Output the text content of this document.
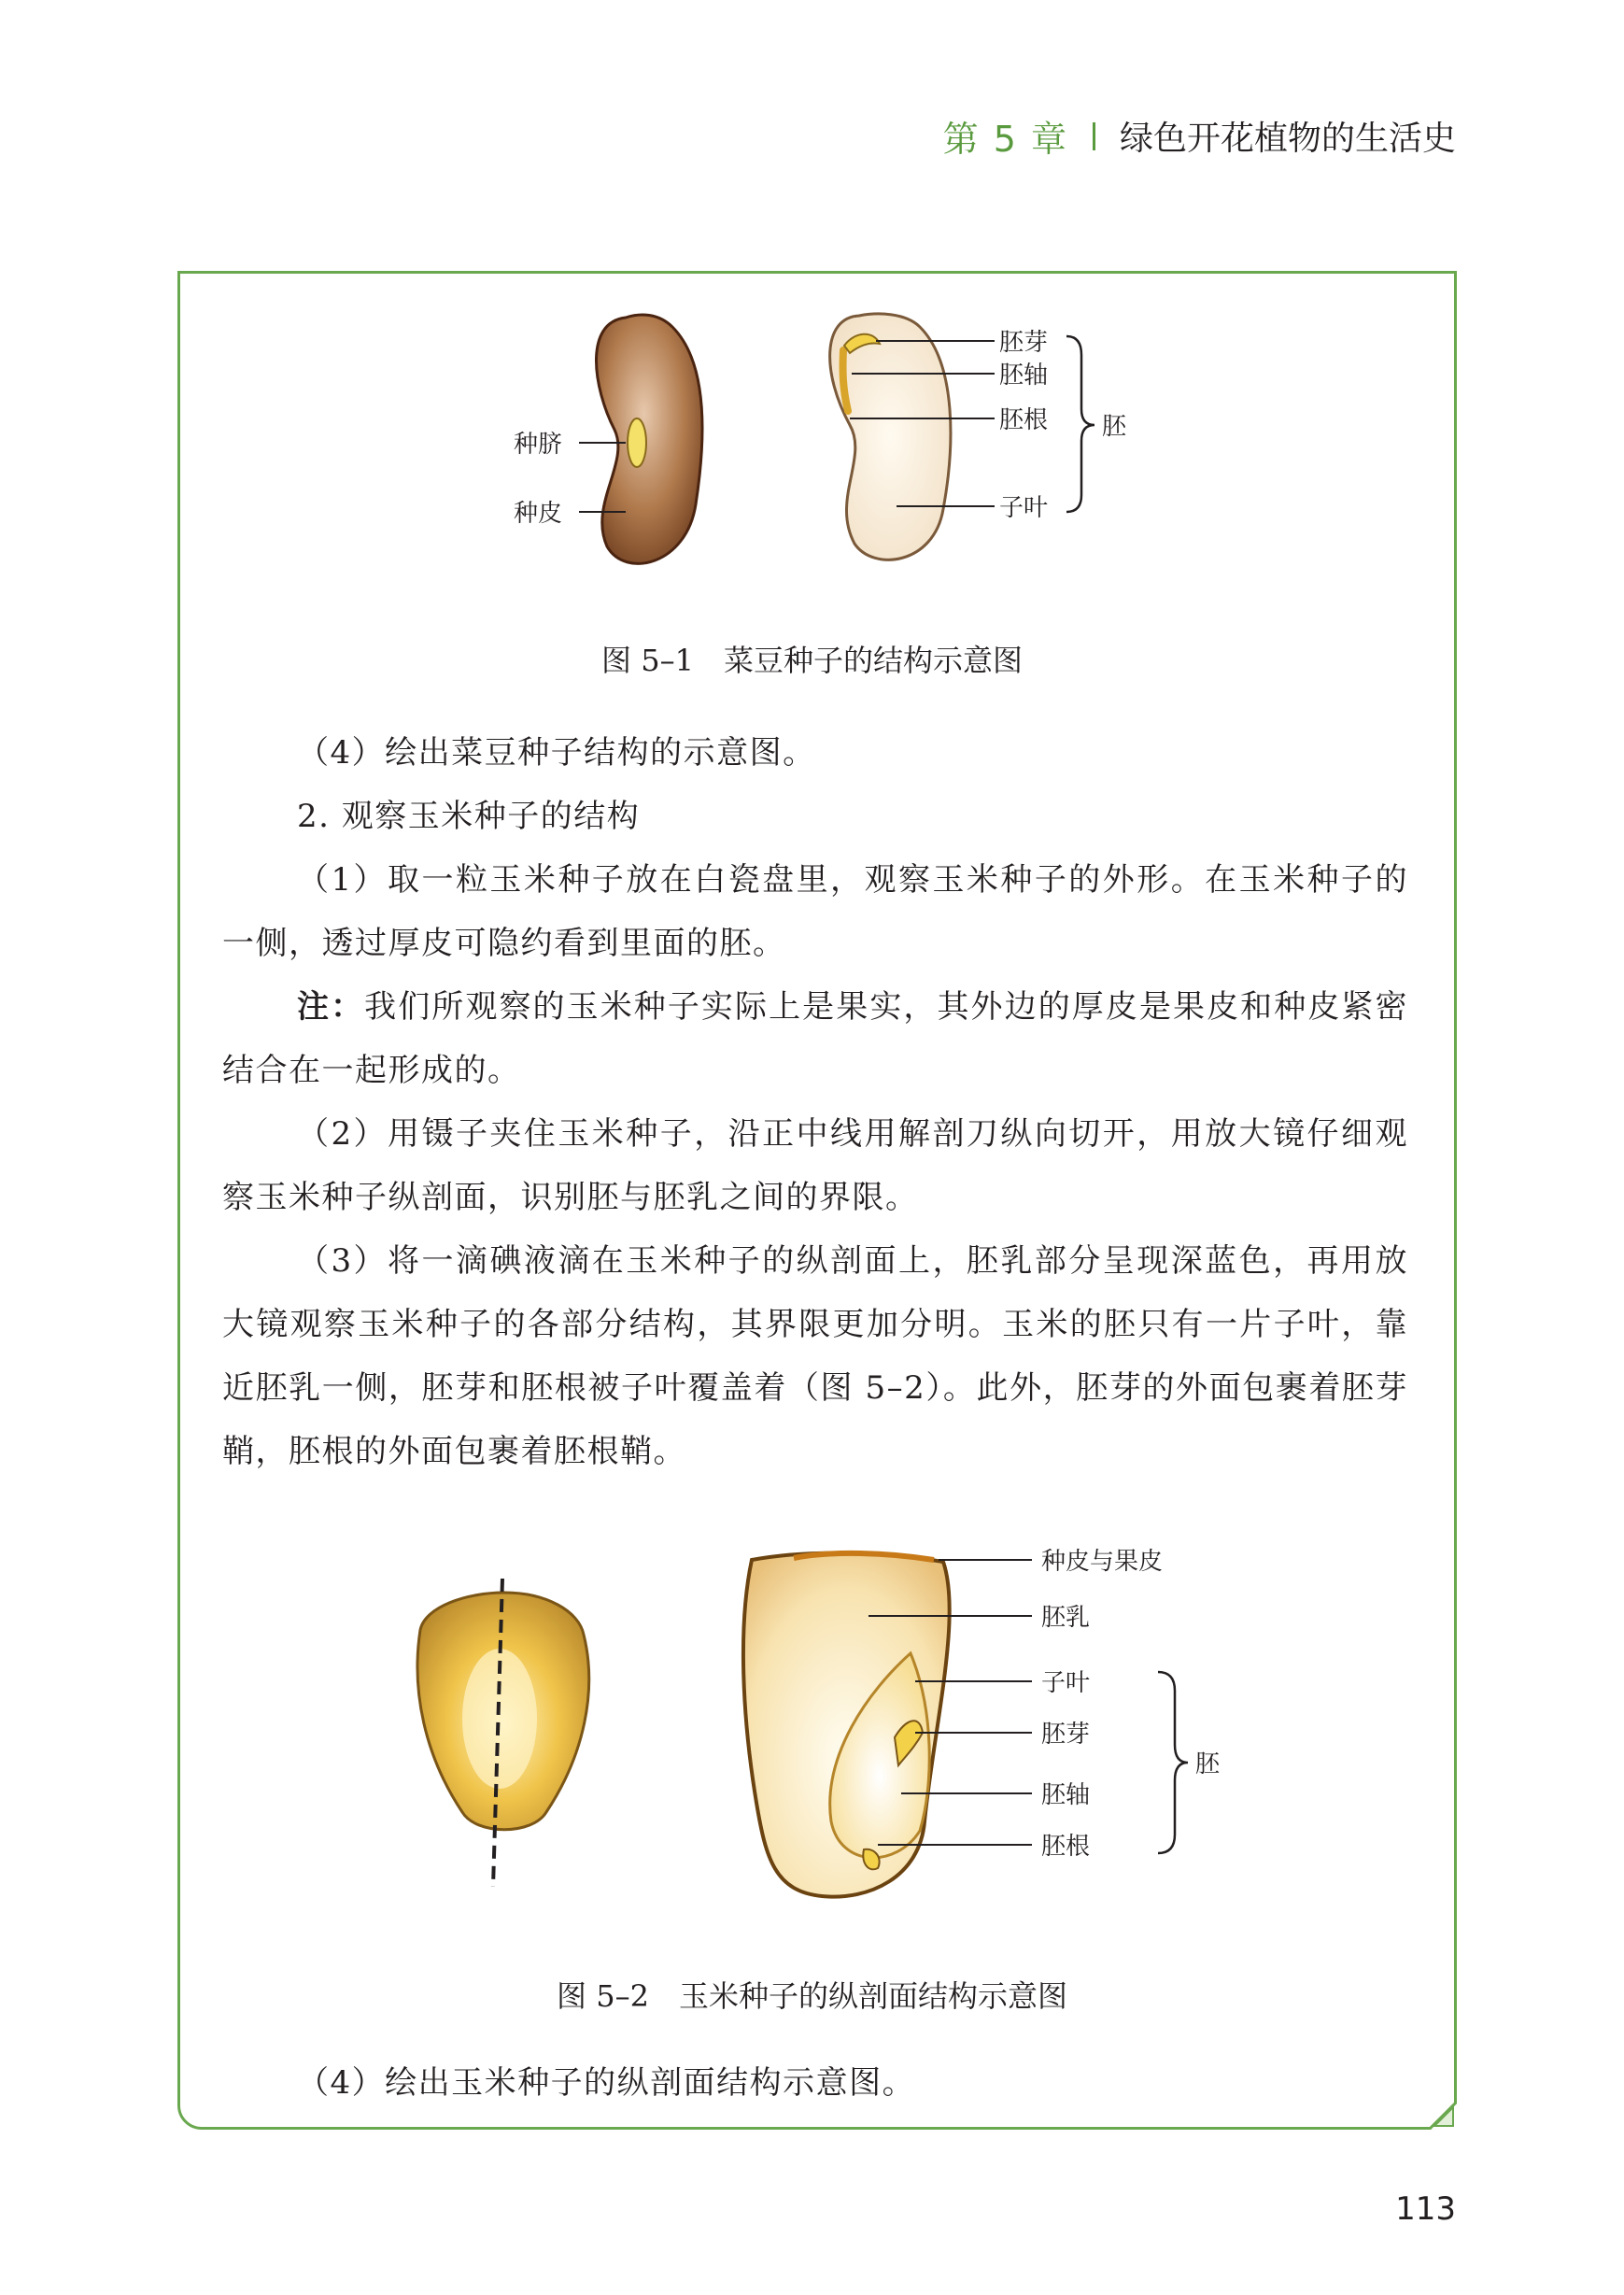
第 5 章 绿色开花植物的生活史
种脐
种皮
胚芽
胚轴
胚根
子叶
胚
图 5–1　菜豆种子的结构示意图
（4）绘出菜豆种子结构的示意图。
2. 观察玉米种子的结构
（1）取一粒玉米种子放在白瓷盘里，观察玉米种子的外形。在玉米种子的一侧，透过厚皮可隐约看到里面的胚。
注：我们所观察的玉米种子实际上是果实，其外边的厚皮是果皮和种皮紧密结合在一起形成的。
（2）用镊子夹住玉米种子，沿正中线用解剖刀纵向切开，用放大镜仔细观察玉米种子纵剖面，识别胚与胚乳之间的界限。
（3）将一滴碘液滴在玉米种子的纵剖面上，胚乳部分呈现深蓝色，再用放大镜观察玉米种子的各部分结构，其界限更加分明。玉米的胚只有一片子叶，靠近胚乳一侧，胚芽和胚根被子叶覆盖着（图 5–2）。此外，胚芽的外面包裹着胚芽鞘，胚根的外面包裹着胚根鞘。
种皮与果皮
胚乳
子叶
胚芽
胚轴
胚根
胚
图 5–2　玉米种子的纵剖面结构示意图
（4）绘出玉米种子的纵剖面结构示意图。
113
